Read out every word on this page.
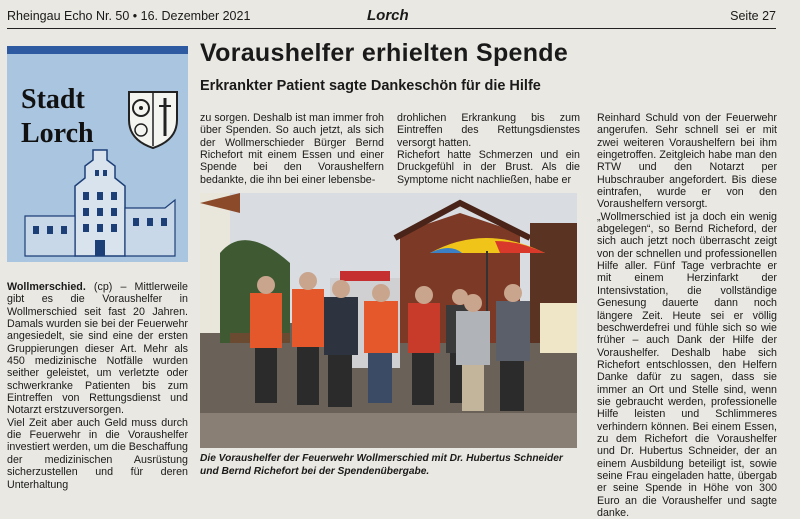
Rheingau Echo Nr. 50 • 16. Dezember 2021	Lorch	Seite 27
Stadt
Lorch

Wollmerschied. (cp) – Mittlerweile gibt es die Voraushelfer in Wollmerschied seit fast 20 Jahren. Damals wurden sie bei der Feuerwehr angesiedelt, sie sind eine der ersten Gruppierungen dieser Art. Mehr als 450 medizinische Notfälle wurden seither geleistet, um verletzte oder schwerkranke Patienten bis zum Eintreffen von Rettungsdienst und Notarzt erstzuversorgen.

Viel Zeit aber auch Geld muss durch die Feuerwehr in die Voraushelfer investiert werden, um die Beschaffung der medizinischen Ausrüstung sicherzustellen und für deren Unterhaltung

Voraushelfer erhielten Spende
Erkrankter Patient sagte Dankeschön für die Hilfe

zu sorgen. Deshalb ist man immer froh über Spenden. So auch jetzt, als sich der Wollmerschieder Bürger Bernd Richefort mit einem Essen und einer Spende bei den Voraushelfern bedankte, die ihn bei einer lebensbe-

drohlichen Erkrankung bis zum Eintreffen des Rettungsdienstes versorgt hatten.

Richefort hatte Schmerzen und ein Druckgefühl in der Brust. Als die Symptome nicht nachließen, habe er

Reinhard Schuld von der Feuerwehr angerufen. Sehr schnell sei er mit zwei weiteren Voraushelfern bei ihm eingetroffen. Zeitgleich habe man den RTW und den Notarzt per Hubschrauber angefordert. Bis diese eintrafen, wurde er von den Voraushelfern versorgt.

„Wollmerschied ist ja doch ein wenig abgelegen“, so Bernd Richeford, der sich auch jetzt noch überrascht zeigt von der schnellen und professionellen Hilfe aller. Fünf Tage verbrachte er mit einem Herzinfarkt der Intensivstation, die vollständige Genesung dauerte dann noch längere Zeit. Heute sei er völlig beschwerdefrei und fühle sich so wie früher – auch Dank der Hilfe der Voraushelfer. Deshalb habe sich Richefort entschlossen, den Helfern Danke dafür zu sagen, dass sie immer an Ort und Stelle sind, wenn sie gebraucht werden, professionelle Hilfe leisten und Schlimmeres verhindern können. Bei einem Essen, zu dem Richefort die Voraushelfer und Dr. Hubertus Schneider, der an einem Ausbildung beteiligt ist, sowie seine Frau eingeladen hatte, übergab er seine Spende in Höhe von 300 Euro an die Voraushelfer und sagte danke.

Die Voraushelfer der Feuerwehr Wollmerschied mit Dr. Hubertus Schneider und Bernd Richefort bei der Spendenübergabe.
